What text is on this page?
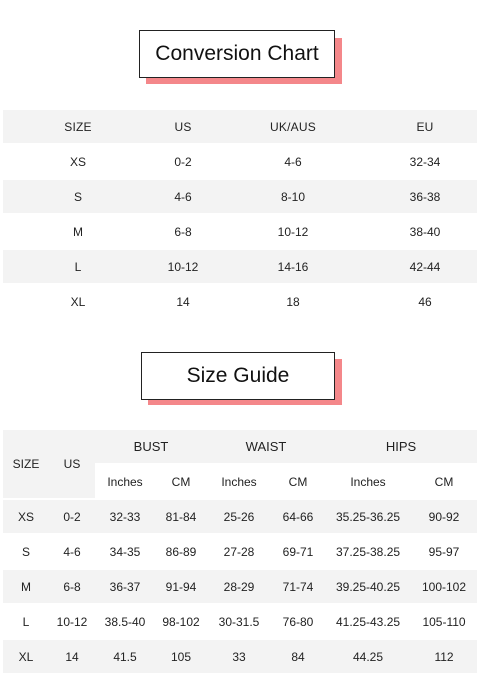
Conversion Chart
SIZE	US	UK/AUS	EU
XS	0-2	4-6	32-34
S	4-6	8-10	36-38
M	6-8	10-12	38-40
L	10-12	14-16	42-44
XL	14	18	46
Size Guide
SIZE	US	BUST		WAIST		HIPS	
		Inches	CM	Inches	CM	Inches	CM
XS	0-2	32-33	81-84	25-26	64-66	35.25-36.25	90-92
S	4-6	34-35	86-89	27-28	69-71	37.25-38.25	95-97
M	6-8	36-37	91-94	28-29	71-74	39.25-40.25	100-102
L	10-12	38.5-40	98-102	30-31.5	76-80	41.25-43.25	105-110
XL	14	41.5	105	33	84	44.25	112
